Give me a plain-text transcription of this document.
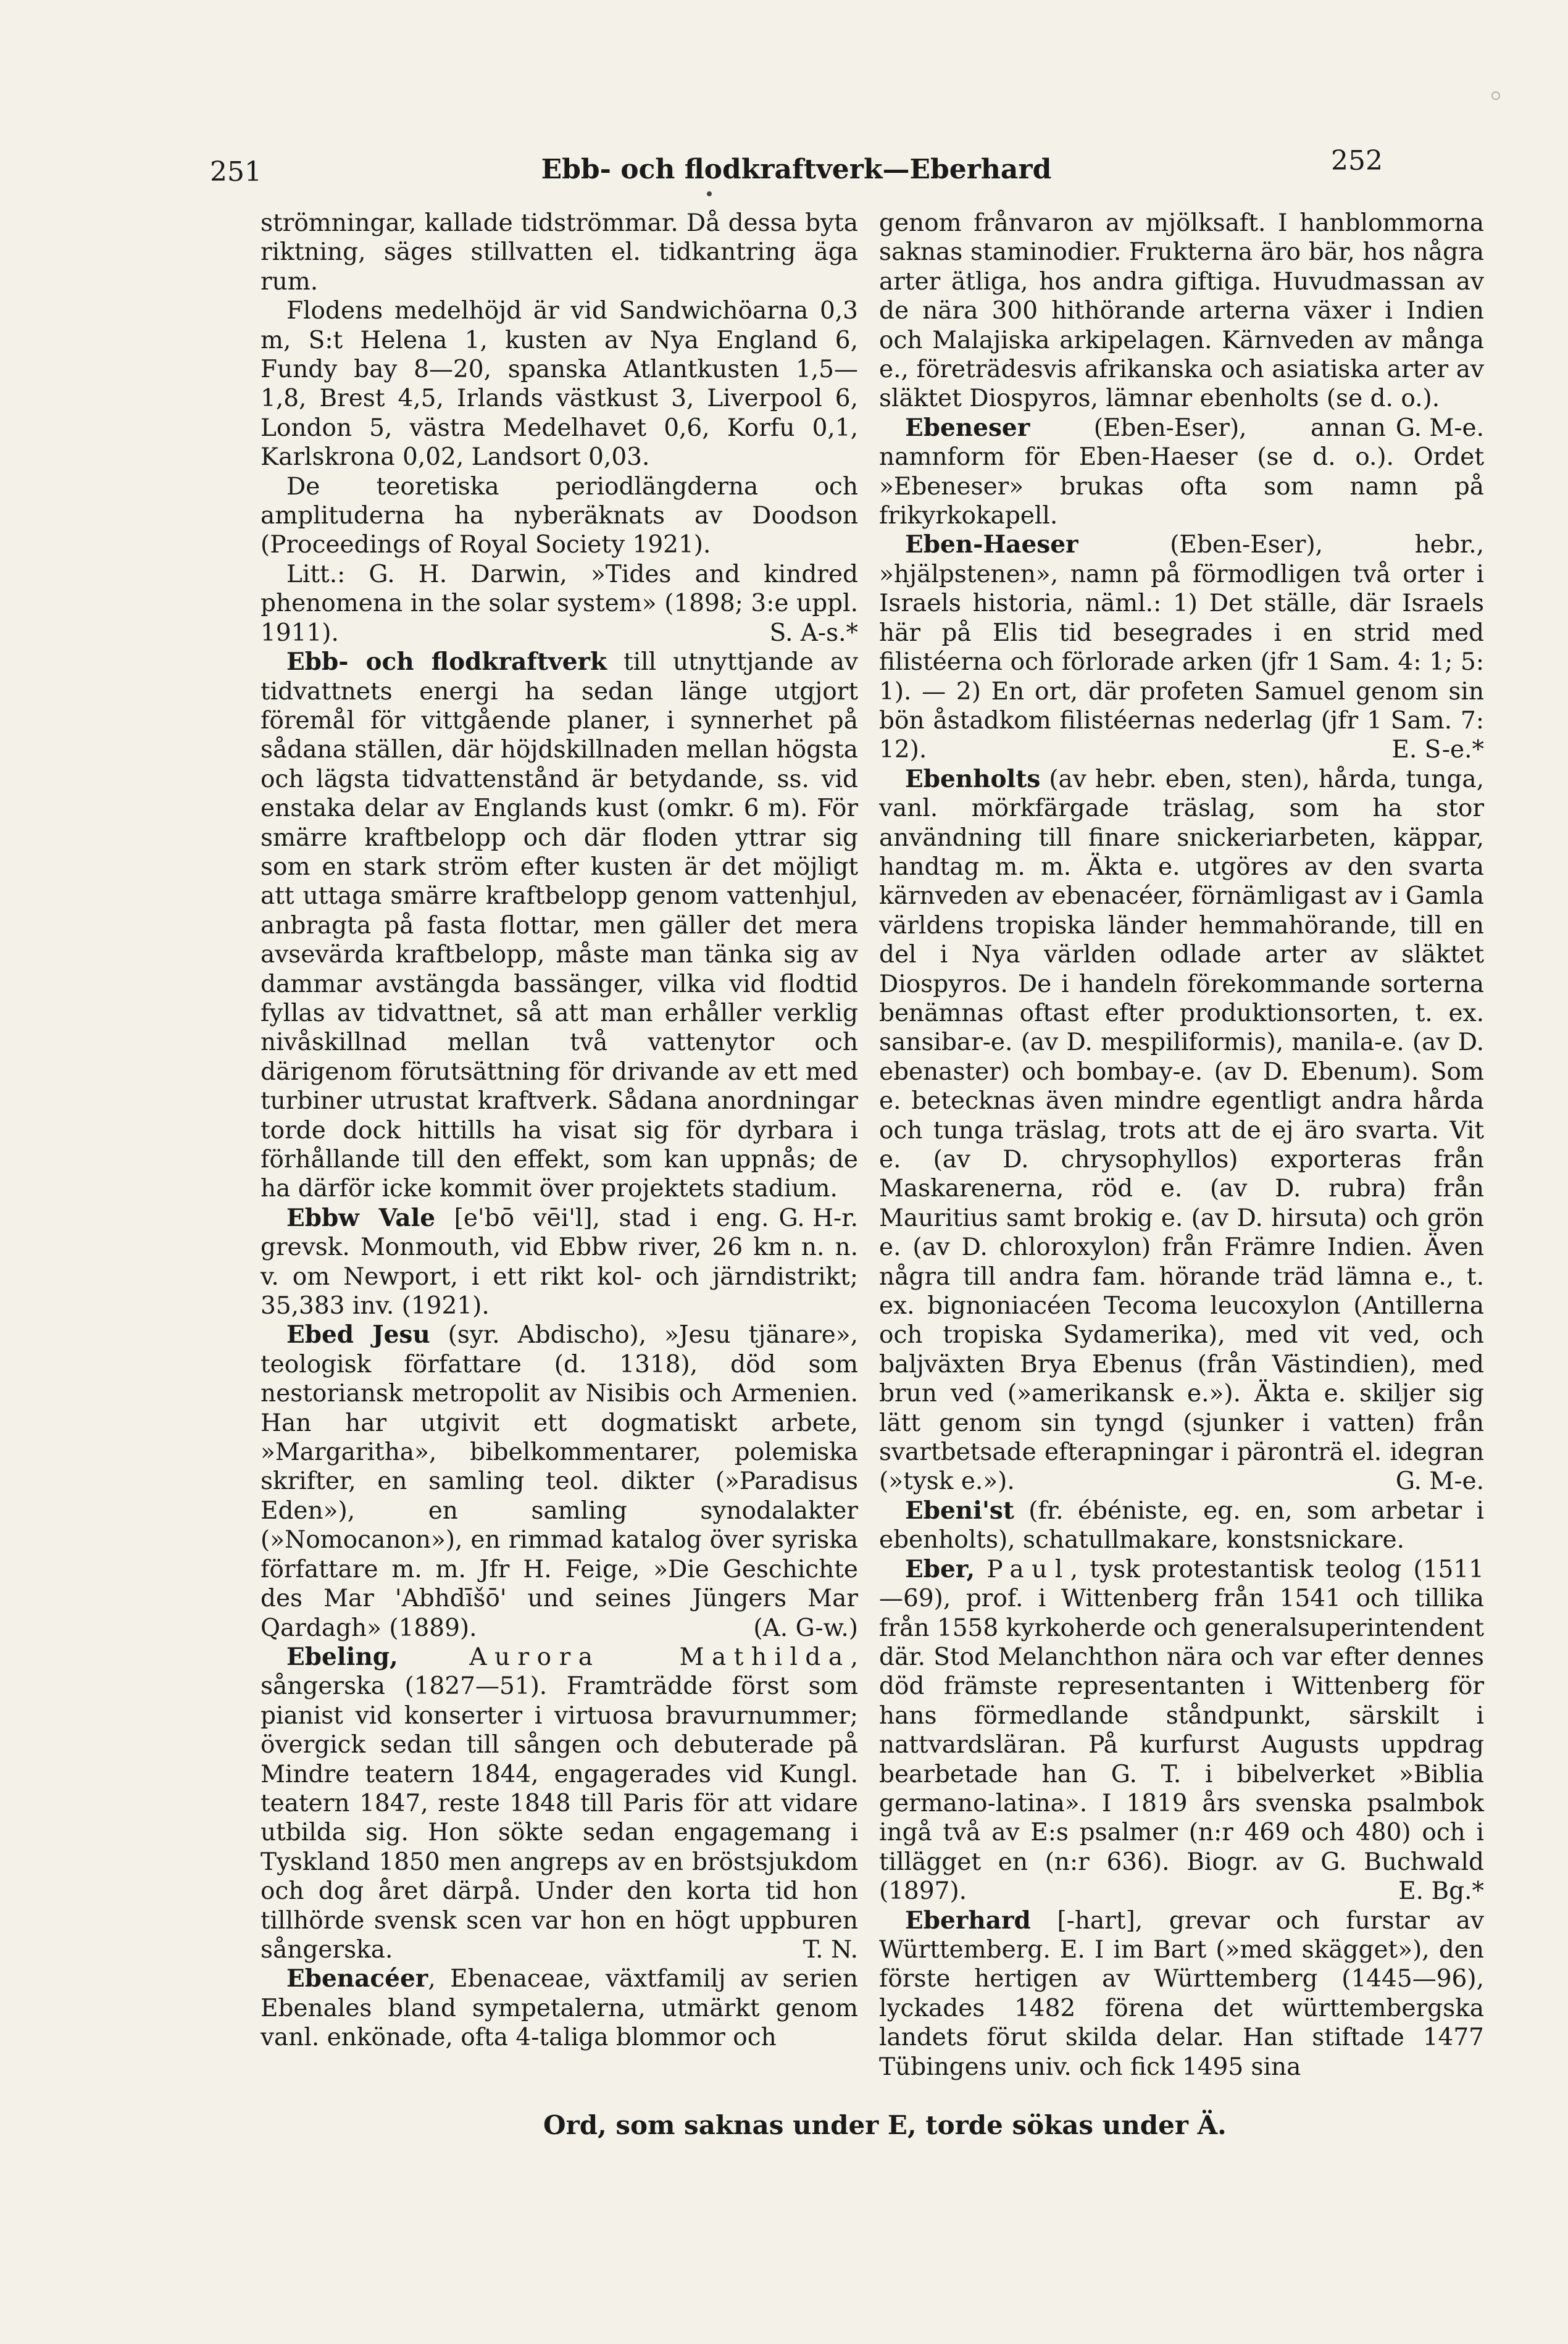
251	Ebb- och flodkraftverk—Eberhard	252

strömningar, kallade tidströmmar. Då dessa byta riktning, säges stillvatten el. tidkantring äga rum.

Flodens medelhöjd är vid Sandwichöarna 0,3 m, S:t Helena 1, kusten av Nya England 6, Fundy bay 8—20, spanska Atlantkusten 1,5—1,8, Brest 4,5, Irlands västkust 3, Liverpool 6, London 5, västra Medelhavet 0,6, Korfu 0,1, Karlskrona 0,02, Landsort 0,03.

De teoretiska periodlängderna och amplituderna ha nyberäknats av Doodson (Proceedings of Royal Society 1921).

Litt.: G. H. Darwin, »Tides and kindred phenomena in the solar system» (1898; 3:e uppl. 1911).	S. A-s.*

Ebb- och flodkraftverk till utnyttjande av tidvattnets energi ha sedan länge utgjort föremål för vittgående planer, i synnerhet på sådana ställen, där höjdskillnaden mellan högsta och lägsta tidvattenstånd är betydande, ss. vid enstaka delar av Englands kust (omkr. 6 m). För smärre kraftbelopp och där floden yttrar sig som en stark ström efter kusten är det möjligt att uttaga smärre kraftbelopp genom vattenhjul, anbragta på fasta flottar, men gäller det mera avsevärda kraftbelopp, måste man tänka sig av dammar avstängda bassänger, vilka vid flodtid fyllas av tidvattnet, så att man erhåller verklig nivåskillnad mellan två vattenytor och därigenom förutsättning för drivande av ett med turbiner utrustat kraftverk. Sådana anordningar torde dock hittills ha visat sig för dyrbara i förhållande till den effekt, som kan uppnås; de ha därför icke kommit över projektets stadium.
G. H-r.

Ebbw Vale [e'bō vēi'l], stad i eng. grevsk. Monmouth, vid Ebbw river, 26 km n. n. v. om Newport, i ett rikt kol- och järndistrikt; 35,383 inv. (1921).

Ebed Jesu (syr. Abdischo), »Jesu tjänare», teologisk författare (d. 1318), död som nestoriansk metropolit av Nisibis och Armenien. Han har utgivit ett dogmatiskt arbete, »Margaritha», bibelkommentarer, polemiska skrifter, en samling teol. dikter (»Paradisus Eden»), en samling synodalakter (»Nomocanon»), en rimmad katalog över syriska författare m. m. Jfr H. Feige, »Die Geschichte des Mar 'Abhdīšō' und seines Jüngers Mar Qardagh» (1889).	(A. G-w.)

Ebeling,	Aurora Mathilda, sångerska (1827—51). Framträdde först som pianist vid konserter i virtuosa bravurnummer; övergick sedan till sången och debuterade på Mindre teatern 1844, engagerades vid Kungl. teatern 1847, reste 1848 till Paris för att vidare utbilda sig. Hon sökte sedan engagemang i Tyskland 1850 men angreps av en bröstsjukdom och dog året därpå. Under den korta tid hon tillhörde svensk scen var hon en högt uppburen sångerska.	T. N.

Ebenacéer, Ebenaceae, växtfamilj av serien Ebenales bland sympetalerna, utmärkt genom vanl. enkönade, ofta 4-taliga blommor och

genom frånvaron av mjölksaft. I hanblommorna saknas staminodier. Frukterna äro bär, hos några arter ätliga, hos andra giftiga. Huvudmassan av de nära 300 hithörande arterna växer i Indien och Malajiska arkipelagen. Kärnveden av många e., företrädesvis afrikanska och asiatiska arter av släktet Diospyros, lämnar ebenholts (se d. o.).
G. M-e.

Ebeneser (Eben-Eser), annan namnform för Eben-Haeser (se d. o.). Ordet »Ebeneser» brukas ofta som namn på frikyrkokapell.

Eben-Haeser (Eben-Eser), hebr., »hjälpstenen», namn på förmodligen två orter i Israels historia, näml.: 1) Det ställe, där Israels här på Elis tid besegrades i en strid med filistéerna och förlorade arken (jfr 1 Sam. 4: 1; 5: 1). — 2) En ort, där profeten Samuel genom sin bön åstadkom filistéernas nederlag (jfr 1 Sam. 7: 12).	E. S-e.*

Ebenholts (av hebr. eben, sten), hårda, tunga, vanl. mörkfärgade träslag, som ha stor användning till finare snickeriarbeten, käppar, handtag m. m. Äkta e. utgöres av den svarta kärnveden av ebenacéer, förnämligast av i Gamla världens tropiska länder hemmahörande, till en del i Nya världen odlade arter av släktet Diospyros. De i handeln förekommande sorterna benämnas oftast efter produktionsorten, t. ex. sansibar-e. (av D. mespiliformis), manila-e. (av D. ebenaster) och bombay-e. (av D. Ebenum). Som e. betecknas även mindre egentligt andra hårda och tunga träslag, trots att de ej äro svarta. Vit e. (av D. chrysophyllos) exporteras från Maskarenerna, röd e. (av D. rubra) från Mauritius samt brokig e. (av D. hirsuta) och grön e. (av D. chloroxylon) från Främre Indien. Även några till andra fam. hörande träd lämna e., t. ex. bignoniacéen Tecoma leucoxylon (Antillerna och tropiska Sydamerika), med vit ved, och baljväxten Brya Ebenus (från Västindien), med brun ved (»amerikansk e.»). Äkta e. skiljer sig lätt genom sin tyngd (sjunker i vatten) från svartbetsade efterapningar i päronträ el. idegran (»tysk e.»).	G. M-e.

Ebeni'st (fr. ébéniste, eg. en, som arbetar i ebenholts), schatullmakare, konstsnickare.

Eber, Paul, tysk protestantisk teolog (1511—69), prof. i Wittenberg från 1541 och tillika från 1558 kyrkoherde och generalsuperintendent där. Stod Melanchthon nära och var efter dennes död främste representanten i Wittenberg för hans förmedlande ståndpunkt, särskilt i nattvardsläran. På kurfurst Augusts uppdrag bearbetade han G. T. i bibelverket »Biblia germano-latina». I 1819 års svenska psalmbok ingå två av E:s psalmer (n:r 469 och 480) och i tillägget en (n:r 636). Biogr. av G. Buchwald (1897).	E. Bg.*

Eberhard [-hart], grevar och furstar av Württemberg. E. I im Bart (»med skägget»), den förste hertigen av Württemberg (1445—96), lyckades 1482 förena det württembergska landets förut skilda delar. Han stiftade 1477 Tübingens univ. och fick 1495 sina

Ord, som saknas under E, torde sökas under Ä.
